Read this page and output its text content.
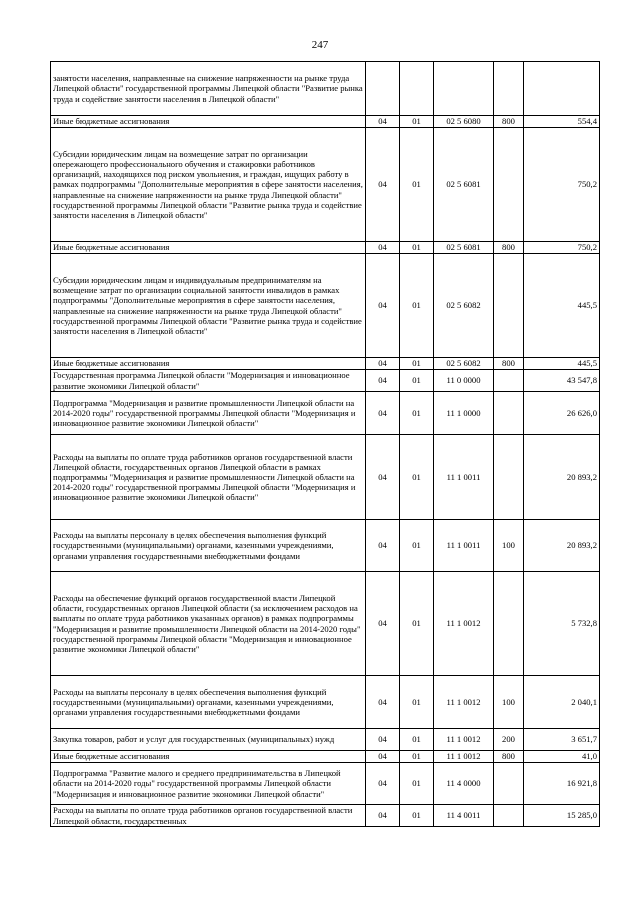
247
занятости населения, направленные на снижение напряженности на рынке труда Липецкой области" государственной программы Липецкой области "Развитие рынка труда и содействие занятости населения в Липецкой области"					
Иные бюджетные ассигнования	04	01	02 5 6080	800	554,4
Субсидии юридическим лицам на возмещение затрат по организации опережающего профессионального обучения и стажировки работников организаций, находящихся под риском увольнения, и граждан, ищущих работу в рамках подпрограммы "Дополнительные мероприятия в сфере занятости населения, направленные на снижение напряженности на рынке труда Липецкой области" государственной программы Липецкой области "Развитие рынка труда и содействие занятости населения в Липецкой области"	04	01	02 5 6081		750,2
Иные бюджетные ассигнования	04	01	02 5 6081	800	750,2
Субсидии юридическим лицам и индивидуальным предпринимателям на возмещение затрат по организации социальной занятости инвалидов в рамках подпрограммы "Дополнительные мероприятия в сфере занятости населения, направленные на снижение напряженности на рынке труда Липецкой области" государственной программы Липецкой области "Развитие рынка труда и содействие занятости населения в Липецкой области"	04	01	02 5 6082		445,5
Иные бюджетные ассигнования	04	01	02 5 6082	800	445,5
Государственная программа Липецкой области "Модернизация и инновационное развитие экономики Липецкой области"	04	01	11 0 0000		43 547,8
Подпрограмма "Модернизация и развитие промышленности Липецкой области на 2014-2020 годы" государственной программы Липецкой области "Модернизация и инновационное развитие экономики Липецкой области"	04	01	11 1 0000		26 626,0
Расходы на выплаты по оплате труда работников органов государственной власти Липецкой области, государственных органов Липецкой области в рамках подпрограммы "Модернизация и развитие промышленности Липецкой области на 2014-2020 годы" государственной программы Липецкой области "Модернизация и инновационное развитие экономики Липецкой области"	04	01	11 1 0011		20 893,2
Расходы на выплаты персоналу в целях обеспечения выполнения функций государственными (муниципальными) органами, казенными учреждениями, органами управления государственными внебюджетными фондами	04	01	11 1 0011	100	20 893,2
Расходы на обеспечение функций органов государственной власти Липецкой области, государственных органов Липецкой области (за исключением расходов на выплаты по оплате труда работников указанных органов) в рамках подпрограммы "Модернизация и развитие промышленности Липецкой области на 2014-2020 годы" государственной программы Липецкой области "Модернизация и инновационное развитие экономики Липецкой области"	04	01	11 1 0012		5 732,8
Расходы на выплаты персоналу в целях обеспечения выполнения функций государственными (муниципальными) органами, казенными учреждениями, органами управления государственными внебюджетными фондами	04	01	11 1 0012	100	2 040,1
Закупка товаров, работ и услуг для государственных (муниципальных) нужд	04	01	11 1 0012	200	3 651,7
Иные бюджетные ассигнования	04	01	11 1 0012	800	41,0
Подпрограмма "Развитие малого и среднего предпринимательства в Липецкой области на 2014-2020 годы" государственной программы Липецкой области "Модернизация и инновационное развитие экономики Липецкой области"	04	01	11 4 0000		16 921,8
Расходы на выплаты по оплате труда работников органов государственной власти Липецкой области, государственных	04	01	11 4 0011		15 285,0
